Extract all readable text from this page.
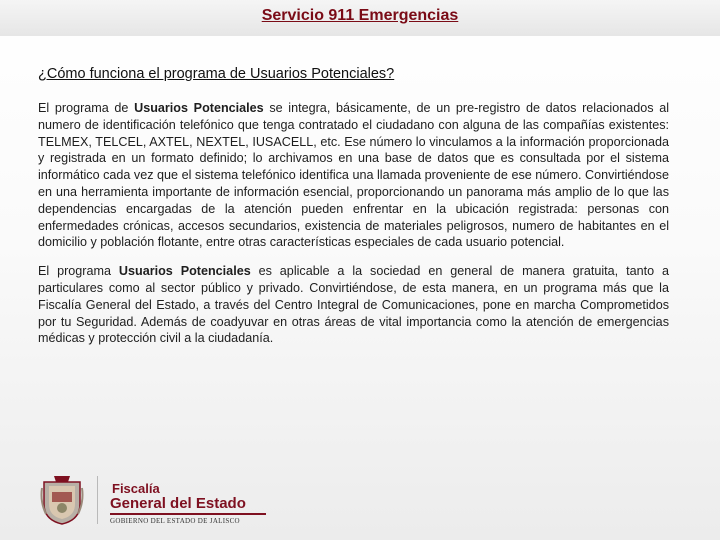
Servicio 911 Emergencias

¿Cómo funciona el programa de Usuarios Potenciales?

El programa de Usuarios Potenciales se integra, básicamente, de un pre-registro de datos relacionados al numero de identificación telefónico que tenga contratado el ciudadano con alguna de las compañías existentes: TELMEX, TELCEL, AXTEL, NEXTEL, IUSACELL, etc. Ese número lo vinculamos a la información proporcionada y registrada en un formato definido; lo archivamos en una base de datos que es consultada por el sistema informático cada vez que el sistema telefónico identifica una llamada proveniente de ese número. Convirtiéndose en una herramienta importante de información esencial, proporcionando un panorama más amplio de lo que las dependencias encargadas de la atención pueden enfrentar en la ubicación registrada: personas con enfermedades crónicas, accesos secundarios, existencia de materiales peligrosos, numero de habitantes en el domicilio y población flotante, entre otras características especiales de cada usuario potencial.

El programa Usuarios Potenciales es aplicable a la sociedad en general de manera gratuita, tanto a particulares como al sector público y privado. Convirtiéndose, de esta manera, en un programa más que la Fiscalía General del Estado, a través del Centro Integral de Comunicaciones, pone en marcha Comprometidos por tu Seguridad. Además de coadyuvar en otras áreas de vital importancia como la atención de emergencias médicas y protección civil a la ciudadanía.

Fiscalía
General del Estado
GOBIERNO DEL ESTADO DE JALISCO
